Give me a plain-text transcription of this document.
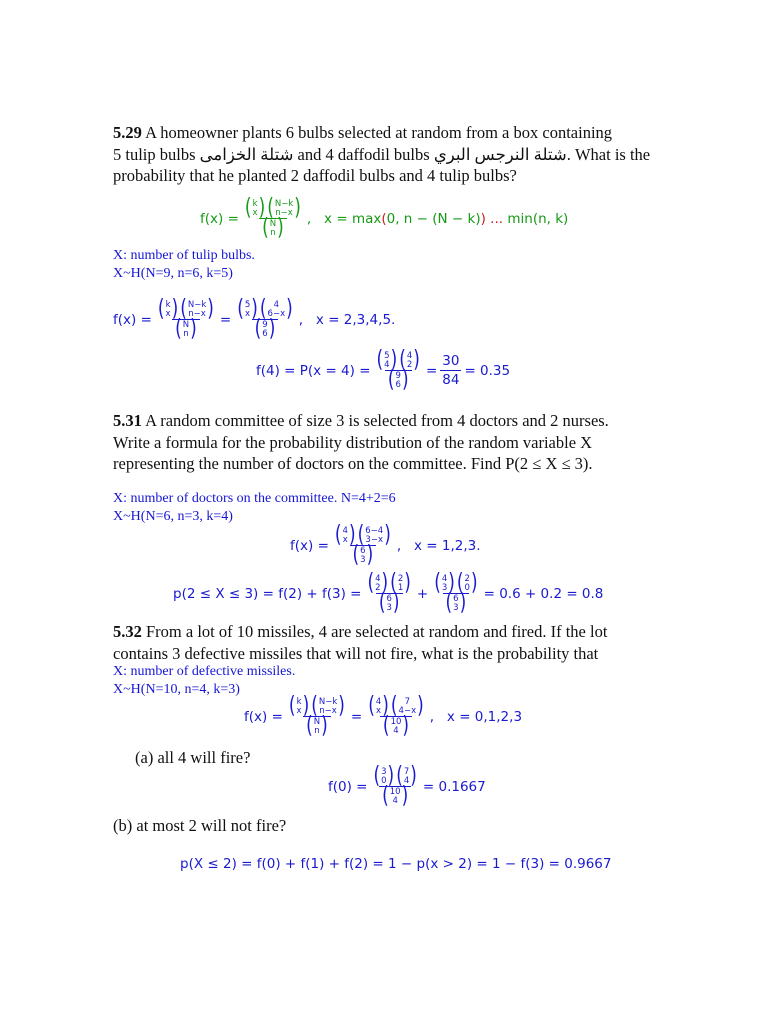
5.29 A homeowner plants 6 bulbs selected at random from a box containing
5 tulip bulbs شتلة الخزامى and 4 daffodil bulbs شتلة النرجس البري. What is the
probability that he planted 2 daffodil bulbs and 4 tulip bulbs?

f(x) = ( k
x ) ( N−k
n−x )
( N
n ) ,   x = max ( 0, n − (N − k) ) ... min(n, k)

X: number of tulip bulbs.
X~H(N=9, n=6, k=5)

f(x) = ( k
x ) ( N−k
n−x )
( N
n ) = ( 5
x ) ( 4
6−x )
( 9
6 ) ,   x = 2,3,4,5.
f(4) = P(x = 4) = ( 5
4 ) ( 4
2 )
( 9
6 ) = $\frac{30}{84} = 0.35$

5.31 A random committee of size 3 is selected from 4 doctors and 2 nurses.
Write a formula for the probability distribution of the random variable X
representing the number of doctors on the committee. Find P(2 ≤ X ≤ 3).

X: number of doctors on the committee. N=4+2=6
X~H(N=6, n=3, k=4)

f(x) = ( 4
x ) ( 6−4
3−x )
( 6
3 ) ,   x = 1,2,3.
p(2 ≤ X ≤ 3) = f(2) + f(3) = ( 4
2 ) ( 2
1 )
( 6
3 ) + ( 4
3 ) ( 2
0 )
( 6
3 ) = 0.6 + 0.2 = 0.8

5.32 From a lot of 10 missiles, 4 are selected at random and fired. If the lot
contains 3 defective missiles that will not fire, what is the probability that

X: number of defective missiles.
X~H(N=10, n=4, k=3)

f(x) = ( k
x ) ( N−k
n−x )
( N
n ) = ( 4
x ) ( 7
4−x )
( 10
4 ) ,   x = 0,1,2,3

(a) all 4 will fire?

f(0) = ( 3
0 ) ( 7
4 )
( 10
4 ) = 0.1667

(b) at most 2 will not fire?

p(X ≤ 2) = f(0) + f(1) + f(2) = 1 − p(x > 2) = 1 − f(3) = 0.9667
